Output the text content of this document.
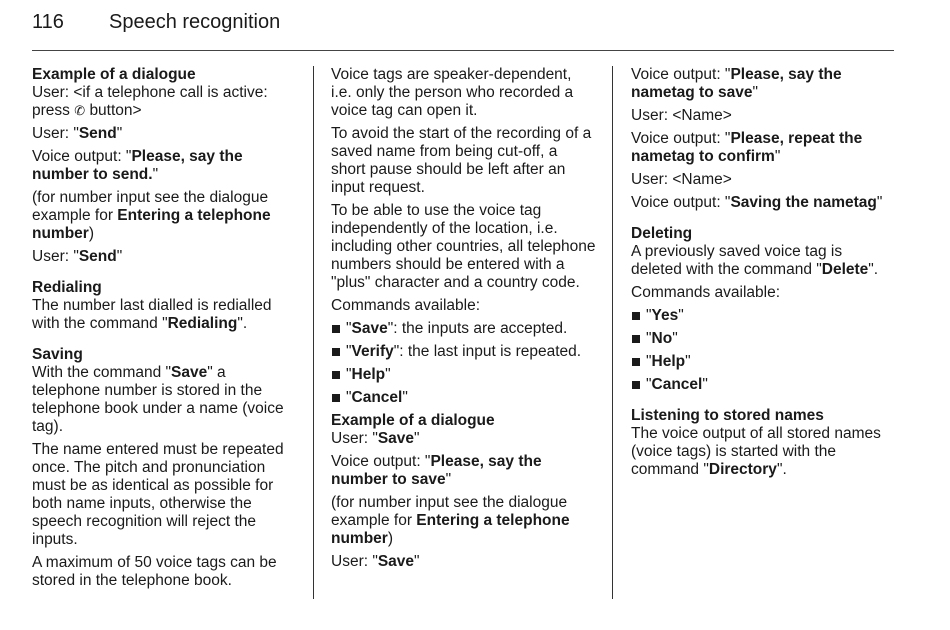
116 Speech recognition

Example of a dialogue

User: <if a telephone call is active:
press ✆ button>

User: "Send"

Voice output: "Please, say the number to send."

(for number input see the dialogue example for Entering a telephone number)

User: "Send"

Redialing

The number last dialled is redialled with the command "Redialing".

Saving

With the command "Save" a telephone number is stored in the telephone book under a name (voice tag).

The name entered must be repeated once. The pitch and pronunciation must be as identical as possible for both name inputs, otherwise the speech recognition will reject the inputs.

A maximum of 50 voice tags can be stored in the telephone book.

Voice tags are speaker-dependent, i.e. only the person who recorded a voice tag can open it.

To avoid the start of the recording of a saved name from being cut-off, a short pause should be left after an input request.

To be able to use the voice tag independently of the location, i.e. including other countries, all telephone numbers should be entered with a "plus" character and a country code.

Commands available:

"Save": the inputs are accepted.
"Verify": the last input is repeated.
"Help"
"Cancel"

Example of a dialogue

User: "Save"

Voice output: "Please, say the number to save"

(for number input see the dialogue example for Entering a telephone number)

User: "Save"

Voice output: "Please, say the nametag to save"

User: <Name>

Voice output: "Please, repeat the nametag to confirm"

User: <Name>

Voice output: "Saving the nametag"

Deleting

A previously saved voice tag is deleted with the command "Delete".

Commands available:

"Yes"
"No"
"Help"
"Cancel"

Listening to stored names

The voice output of all stored names (voice tags) is started with the command "Directory".
